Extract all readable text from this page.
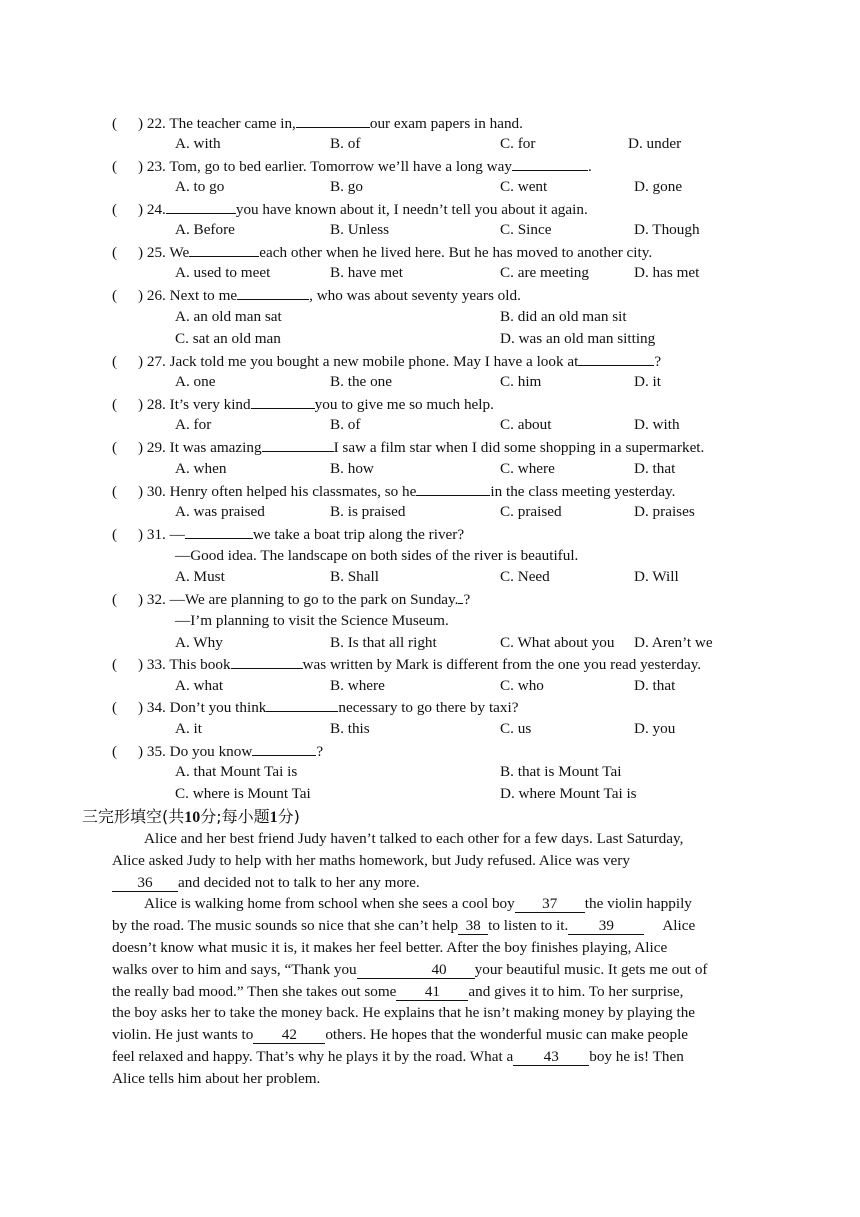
( ) 22. The teacher came in,	our exam papers in hand.
A. with	B. of	C. for	D. under
( ) 23. Tom, go to bed earlier. Tomorrow we’ll have a long way	.
A. to go	B. go	C. went	D. gone
( ) 24.	you have known about it, I needn’t tell you about it again.
A. Before	B. Unless	C. Since	D. Though
( ) 25. We	each other when he lived here. But he has moved to another city.
A. used to meet	B. have met	C. are meeting	D. has met
( ) 26. Next to me	, who was about seventy years old.
A. an old man sat	B. did an old man sit
C. sat an old man	D. was an old man sitting
( ) 27. Jack told me you bought a new mobile phone. May I have a look at	?
A. one	B. the one	C. him	D. it
( ) 28. It’s very kind	you to give me so much help.
A. for	B. of	C. about	D. with
( ) 29. It was amazing	I saw a film star when I did some shopping in a supermarket.
A. when	B. how	C. where	D. that
( ) 30. Henry often helped his classmates, so he	in the class meeting yesterday.
A. was praised	B. is praised	C. praised	D. praises
( ) 31. —	we take a boat trip along the river?
—Good idea. The landscape on both sides of the river is beautiful.
A. Must	B. Shall	C. Need	D. Will
( ) 32. —We are planning to go to the park on Sunday. ?
—I’m planning to visit the Science Museum.
A. Why	B. Is that all right	C. What about you D. Aren’t we
( ) 33. This book	was written by Mark is different from the one you read yesterday.
A. what	B. where	C. who	D. that
( ) 34. Don’t you think	necessary to go there by taxi?
A. it	B. this	C. us	D. you
( ) 35. Do you know	?
A. that Mount Tai is	B. that is Mount Tai
C. where is Mount Tai	D. where Mount Tai is
三完形填空(共10分;每小题1分)
Alice and her best friend Judy haven’t talked to each other for a few days. Last Saturday,
Alice asked Judy to help with her maths homework, but Judy refused. Alice was very
36 and decided not to talk to her any more.
Alice is walking home from school when she sees a cool boy 37 the violin happily
by the road. The music sounds so nice that she can’t help 38 to listen to it. 39	Alice
doesn’t know what music it is, it makes her feel better. After the boy finishes playing, Alice
walks over to him and says, “Thank you	40 your beautiful music. It gets me out of
the really bad mood.” Then she takes out some 41 and gives it to him. To her surprise,
the boy asks her to take the money back. He explains that he isn’t making money by playing the
violin. He just wants to 42 others. He hopes that the wonderful music can make people
feel relaxed and happy. That’s why he plays it by the road. What a 43 boy he is! Then
Alice tells him about her problem.
